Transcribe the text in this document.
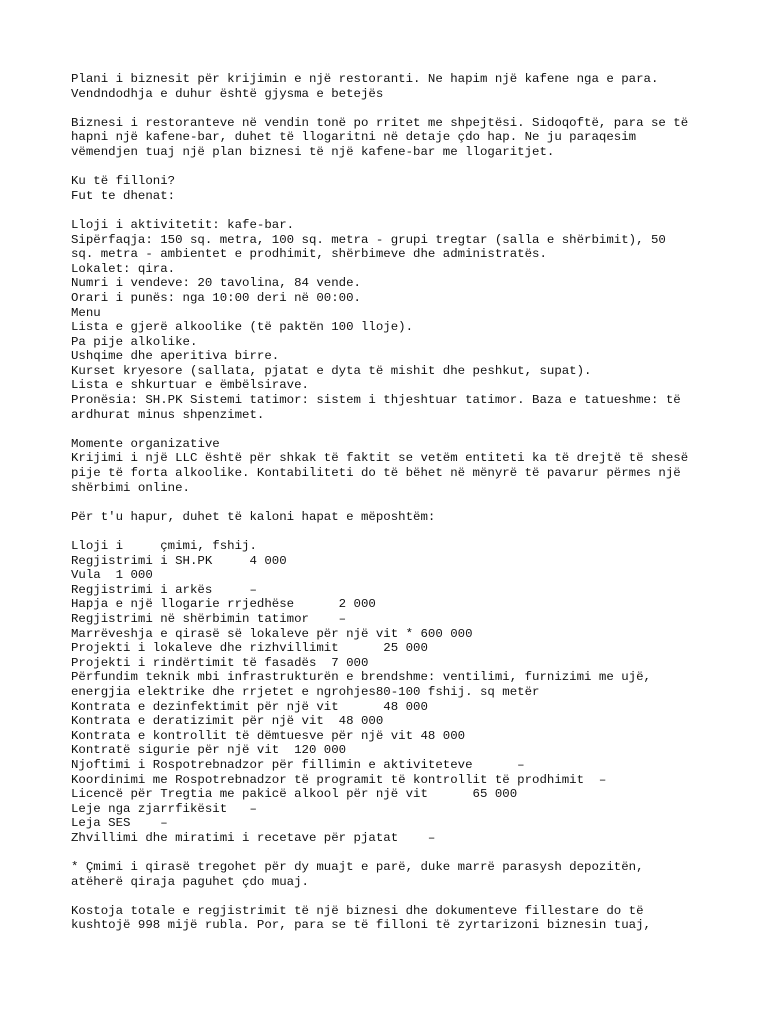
Plani i biznesit për krijimin e një restoranti. Ne hapim një kafene nga e para.
Vendndodhja e duhur është gjysma e betejës
Biznesi i restoranteve në vendin tonë po rritet me shpejtësi. Sidoqoftë, para se të
hapni një kafene-bar, duhet të llogaritni në detaje çdo hap. Ne ju paraqesim
vëmendjen tuaj një plan biznesi të një kafene-bar me llogaritjet.
Ku të filloni?
Fut te dhenat:
Lloji i aktivitetit: kafe-bar.
Sipërfaqja: 150 sq. metra, 100 sq. metra - grupi tregtar (salla e shërbimit), 50
sq. metra - ambientet e prodhimit, shërbimeve dhe administratës.
Lokalet: qira.
Numri i vendeve: 20 tavolina, 84 vende.
Orari i punës: nga 10:00 deri në 00:00.
Menu
Lista e gjerë alkoolike (të paktën 100 lloje).
Pa pije alkolike.
Ushqime dhe aperitiva birre.
Kurset kryesore (sallata, pjatat e dyta të mishit dhe peshkut, supat).
Lista e shkurtuar e ëmbëlsirave.
Pronësia: SH.PK Sistemi tatimor: sistem i thjeshtuar tatimor. Baza e tatueshme: të
ardhurat minus shpenzimet.
Momente organizative
Krijimi i një LLC është për shkak të faktit se vetëm entiteti ka të drejtë të shesë
pije të forta alkoolike. Kontabiliteti do të bëhet në mënyrë të pavarur përmes një
shërbimi online.
Për t'u hapur, duhet të kaloni hapat e mëposhtëm:
Lloji i     çmimi, fshij.
Regjistrimi i SH.PK     4 000
Vula  1 000
Regjistrimi i arkës     –
Hapja e një llogarie rrjedhëse      2 000
Regjistrimi në shërbimin tatimor    –
Marrëveshja e qirasë së lokaleve për një vit * 600 000
Projekti i lokaleve dhe rizhvillimit      25 000
Projekti i rindërtimit të fasadës  7 000
Përfundim teknik mbi infrastrukturën e brendshme: ventilimi, furnizimi me ujë,
energjia elektrike dhe rrjetet e ngrohjes80-100 fshij. sq metër
Kontrata e dezinfektimit për një vit      48 000
Kontrata e deratizimit për një vit  48 000
Kontrata e kontrollit të dëmtuesve për një vit 48 000
Kontratë sigurie për një vit  120 000
Njoftimi i Rospotrebnadzor për fillimin e aktiviteteve      –
Koordinimi me Rospotrebnadzor të programit të kontrollit të prodhimit  –
Licencë për Tregtia me pakicë alkool për një vit      65 000
Leje nga zjarrfikësit   –
Leja SES    –
Zhvillimi dhe miratimi i recetave për pjatat    –
* Çmimi i qirasë tregohet për dy muajt e parë, duke marrë parasysh depozitën,
atëherë qiraja paguhet çdo muaj.
Kostoja totale e regjistrimit të një biznesi dhe dokumenteve fillestare do të
kushtojë 998 mijë rubla. Por, para se të filloni të zyrtarizoni biznesin tuaj,
